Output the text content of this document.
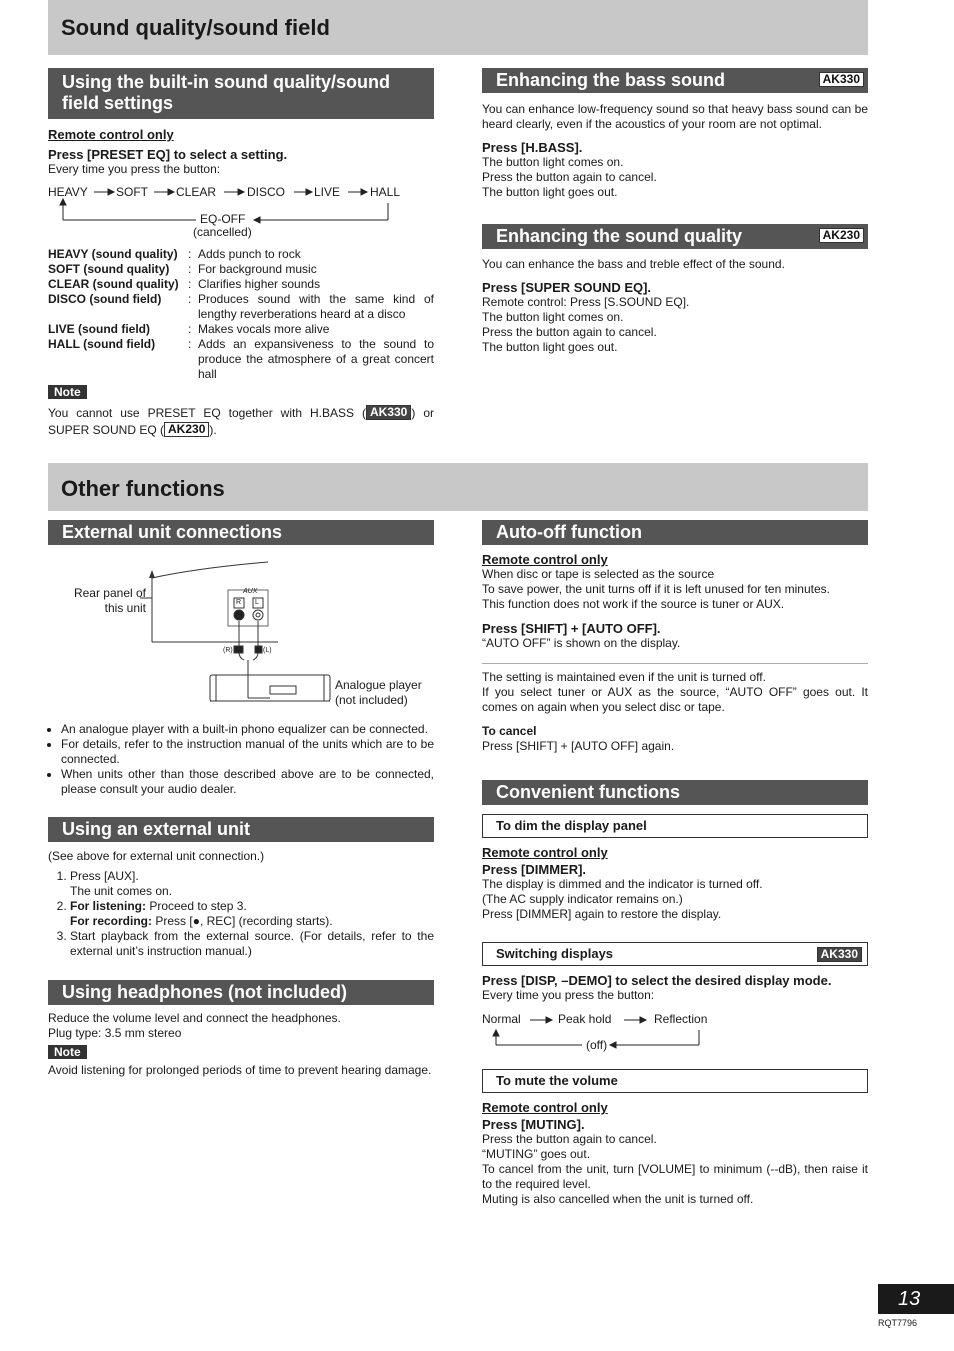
Sound quality/sound field
Using the built-in sound quality/sound field settings

Remote control only

Press [PRESET EQ] to select a setting.

Every time you press the button:

HEAVY SOFT CLEAR	DISCO LIVE HALL
EQ-OFF
(cancelled)
HEAVY (sound quality) : Adds punch to rock
SOFT (sound quality)	: For background music
CLEAR (sound quality) : Clarifies higher sounds
DISCO (sound field)	: Produces sound with the same kind of lengthy reverberations heard at a disco
LIVE (sound field)	: Makes vocals more alive
HALL (sound field)	: Adds an expansiveness to the sound to produce the atmosphere of a great concert hall
Note

You cannot use PRESET EQ together with H.BASS ( AK330 ) or SUPER SOUND EQ ( AK230 ).

Enhancing the bass sound	AK330

You can enhance low-frequency sound so that heavy bass sound can be heard clearly, even if the acoustics of your room are not optimal.

Press [H.BASS].

The button light comes on.

Press the button again to cancel.

The button light goes out.

Enhancing the sound quality	AK230

You can enhance the bass and treble effect of the sound.

Press [SUPER SOUND EQ].

Remote control: Press [S.SOUND EQ].

The button light comes on.

Press the button again to cancel.

The button light goes out.

Other functions
External unit connections
Rear panel of this unit
AUX
R L
(R)	(L)
Analogue player (not included)
• An analogue player with a built-in phono equalizer can be connected.
• For details, refer to the instruction manual of the units which are to be connected.
• When units other than those described above are to be connected, please consult your audio dealer.
Using an external unit

(See above for external unit connection.)

1. Press [AUX].
The unit comes on.
2. For listening: Proceed to step 3.
For recording: Press [●, REC] (recording starts).
3. Start playback from the external source. (For details, refer to the external unit’s instruction manual.)
Using headphones (not included)

Reduce the volume level and connect the headphones.

Plug type: 3.5 mm stereo

Note

Avoid listening for prolonged periods of time to prevent hearing damage.

Auto-off function

Remote control only

When disc or tape is selected as the source

To save power, the unit turns off if it is left unused for ten minutes.

This function does not work if the source is tuner or AUX.

Press [SHIFT] + [AUTO OFF].

“AUTO OFF” is shown on the display.

The setting is maintained even if the unit is turned off.

If you select tuner or AUX as the source, “AUTO OFF” goes out. It comes on again when you select disc or tape.

To cancel

Press [SHIFT] + [AUTO OFF] again.

Convenient functions
To dim the display panel

Remote control only

Press [DIMMER].

The display is dimmed and the indicator is turned off.

(The AC supply indicator remains on.)

Press [DIMMER] again to restore the display.

Switching displays	AK330

Press [DISP, –DEMO] to select the desired display mode.

Every time you press the button:

Normal	Peak hold	Reflection
(off)
To mute the volume

Remote control only

Press [MUTING].

Press the button again to cancel.

“MUTING” goes out.

To cancel from the unit, turn [VOLUME] to minimum (--dB), then raise it to the required level.

Muting is also cancelled when the unit is turned off.

13
RQT7796
